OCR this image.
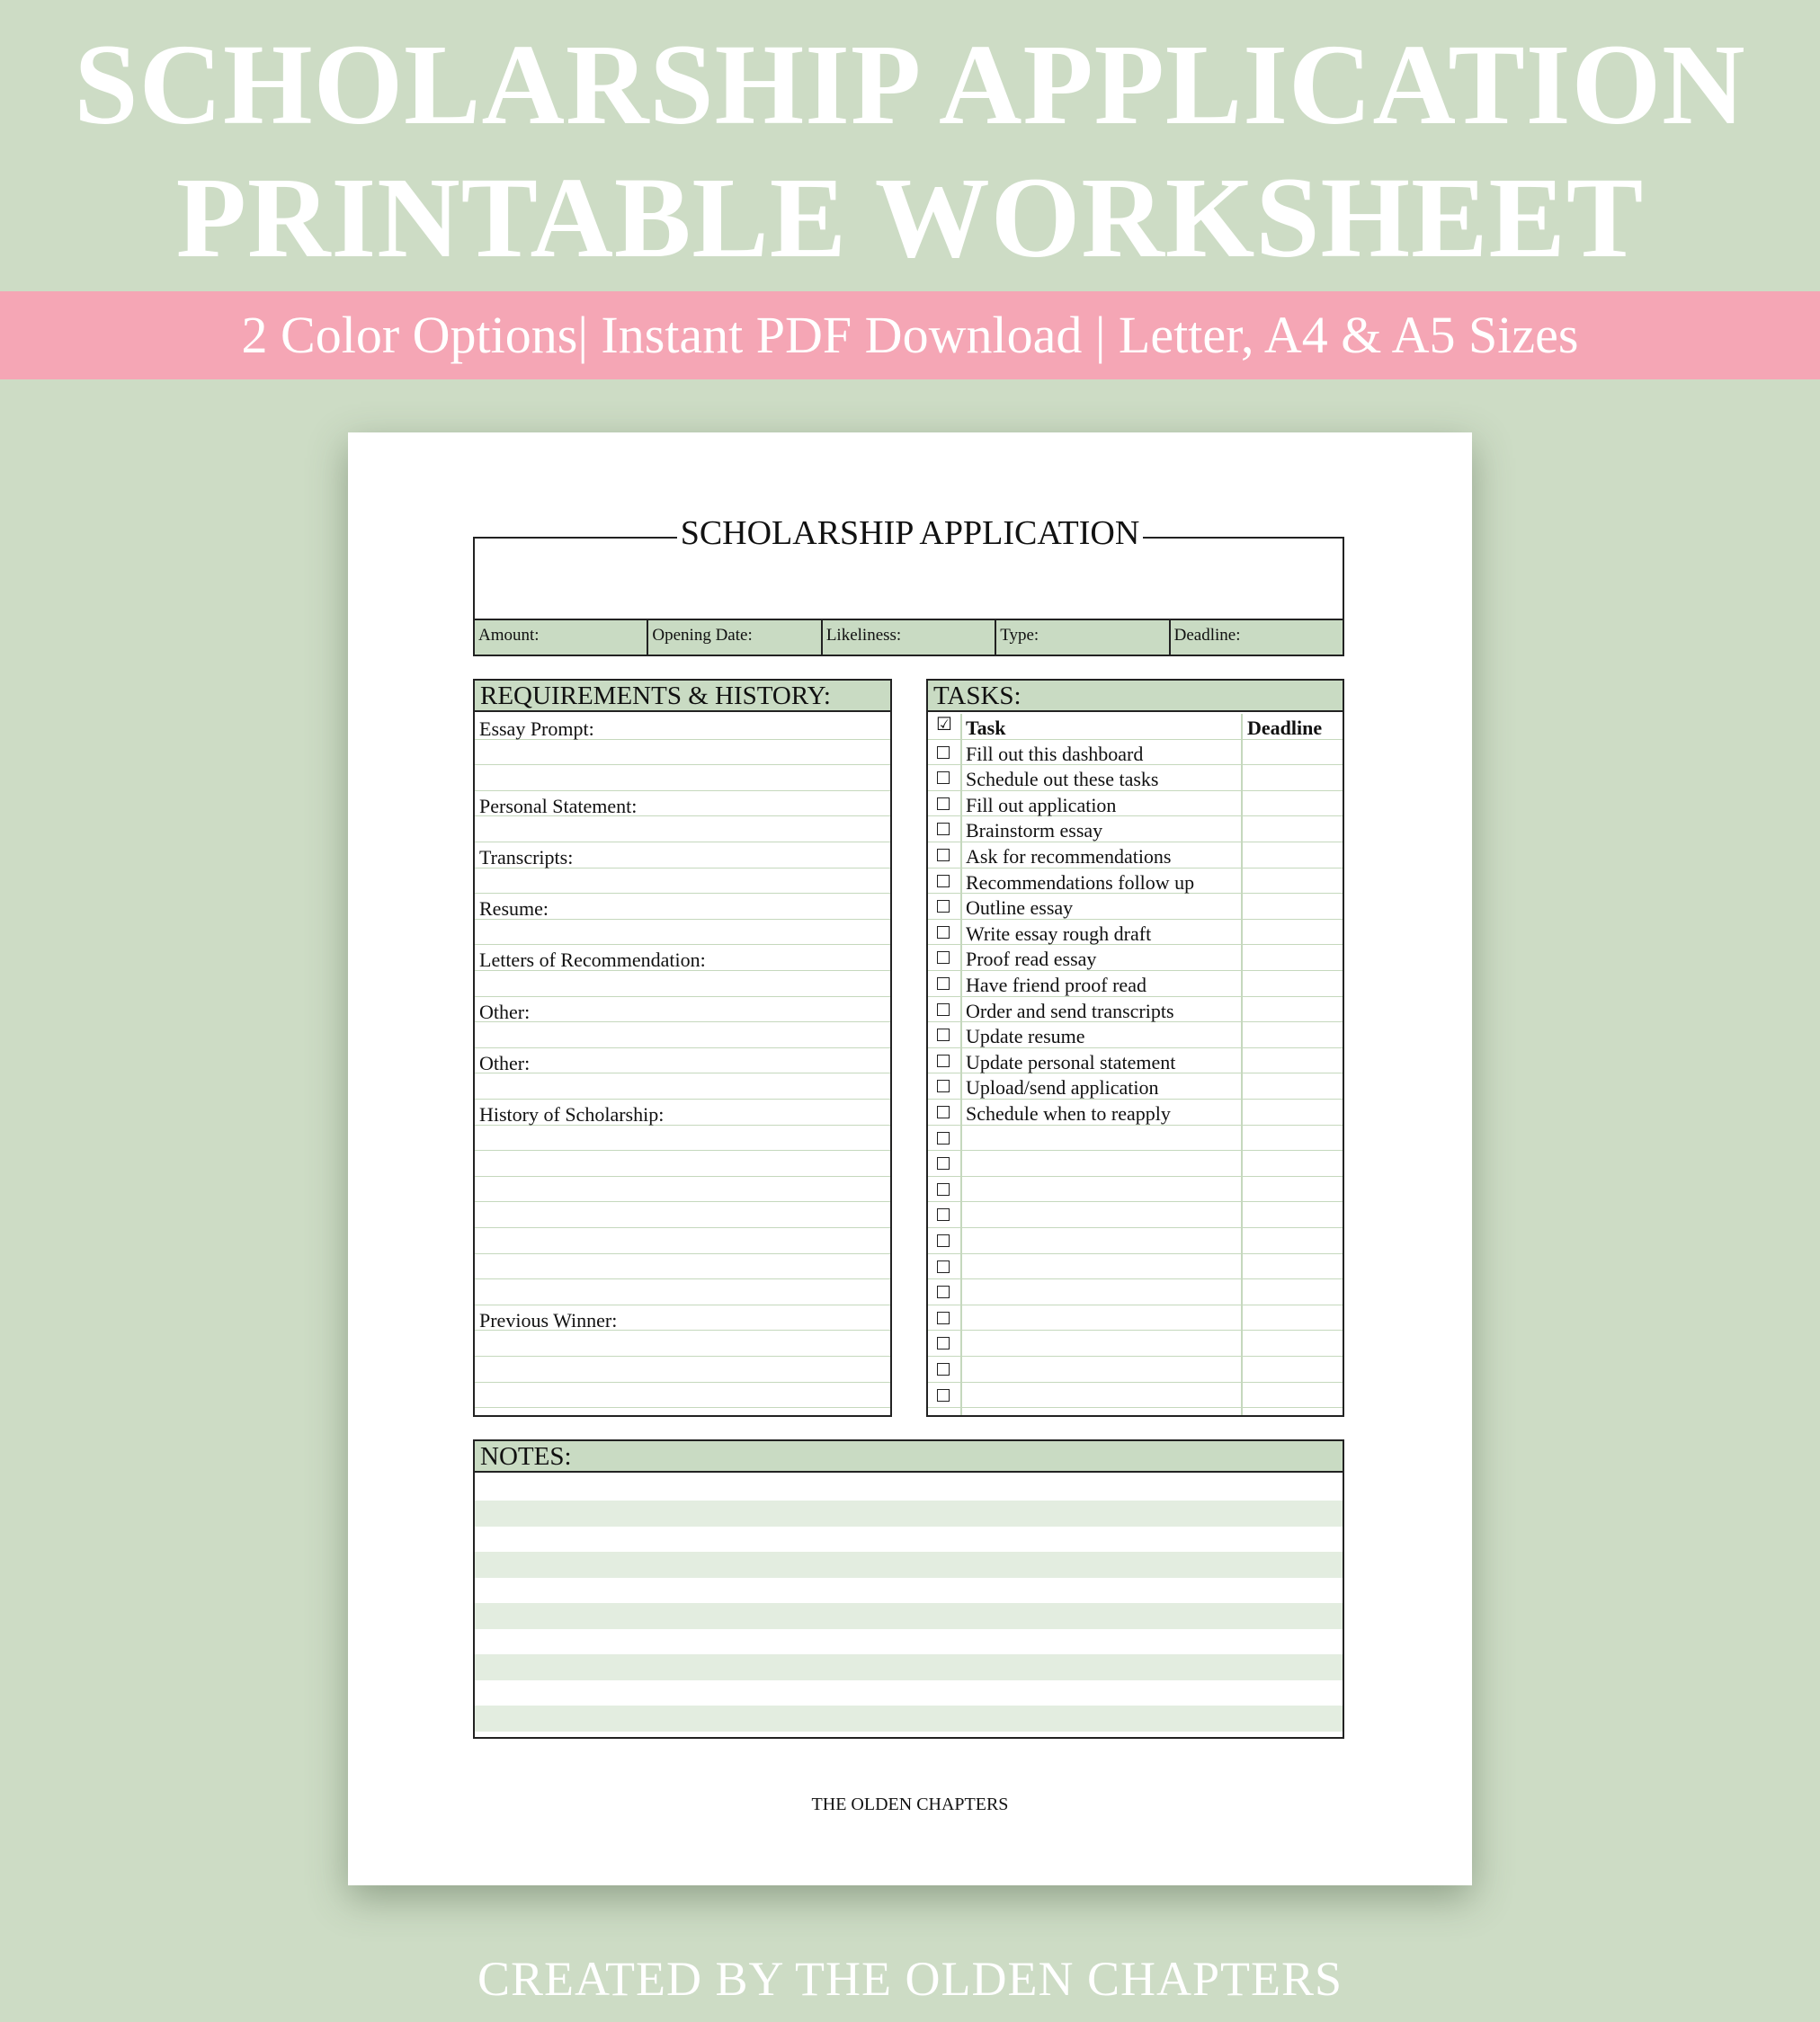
SCHOLARSHIP APPLICATION
PRINTABLE WORKSHEET
2 Color Options| Instant PDF Download | Letter, A4 & A5 Sizes
SCHOLARSHIP APPLICATION
Amount:	Opening Date:	Likeliness:	Type:	Deadline:
REQUIREMENTS & HISTORY:
Essay Prompt:
Personal Statement:
Transcripts:
Resume:
Letters of Recommendation:
Other:
Other:
History of Scholarship:
Previous Winner:
TASKS:
☑ Task	Deadline
Fill out this dashboard
Schedule out these tasks
Fill out application
Brainstorm essay
Ask for recommendations
Recommendations follow up
Outline essay
Write essay rough draft
Proof read essay
Have friend proof read
Order and send transcripts
Update resume
Update personal statement
Upload/send application
Schedule when to reapply
NOTES:
THE OLDEN CHAPTERS
CREATED BY THE OLDEN CHAPTERS
